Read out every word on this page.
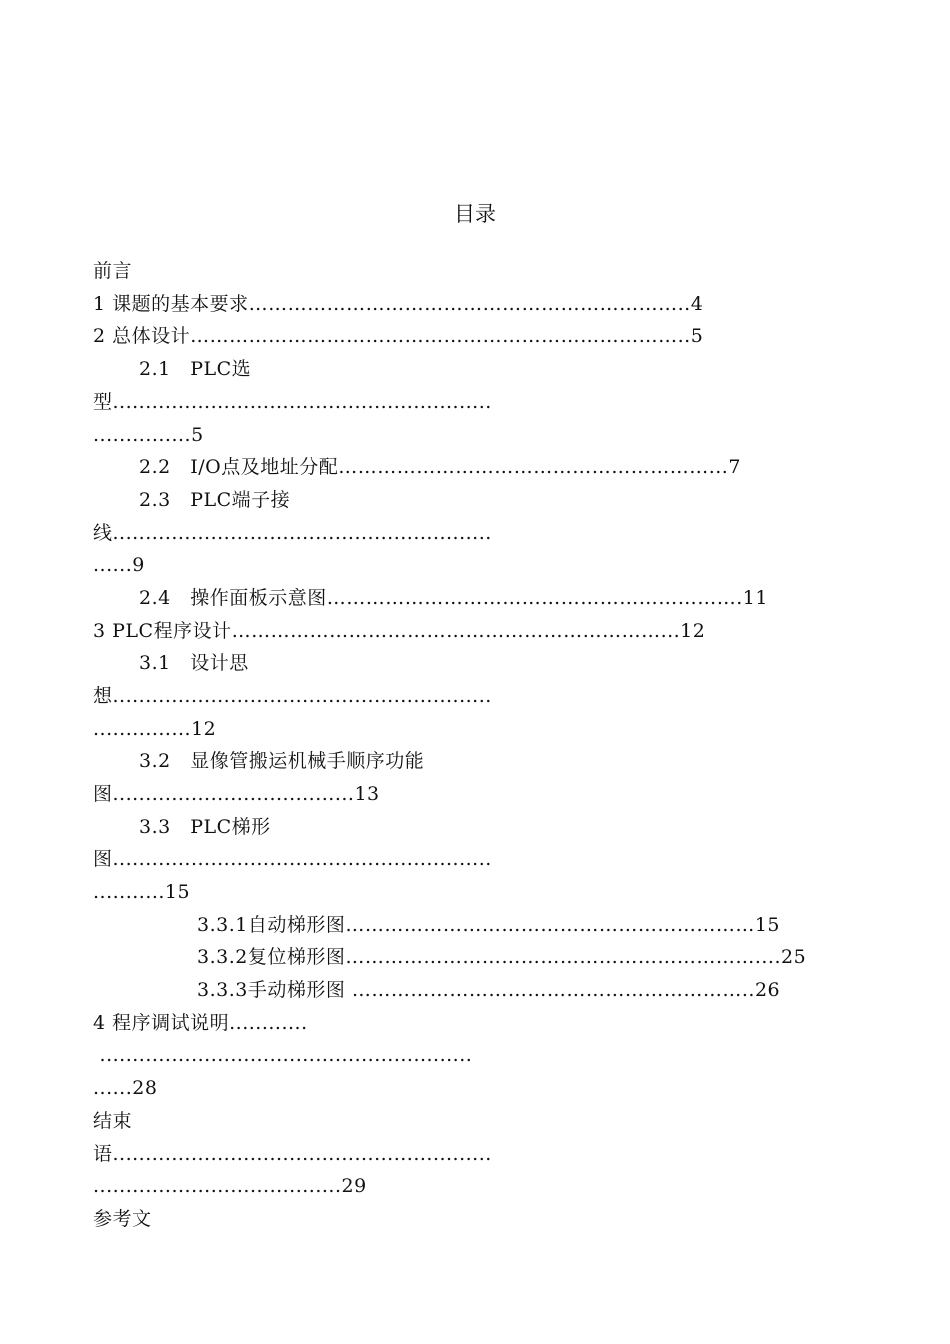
目录
前言
1 课题的基本要求…………………………………………………………..4
2 总体设计…………………………………………………………………..5
2.1　PLC选
型..........................................................
...............5
2.2　I/O点及地址分配…………………………………………………...7
2.3　PLC端子接
线..........................................................
......9
2.4　操作面板示意图……………………………………………………….11
3 PLC程序设计…………………………………………………………...12
3.1　设计思
想..........................................................
...............12
3.2　显像管搬运机械手顺序功能
图.....................................13
3.3　PLC梯形
图..........................................................
...........15
3.3.1自动梯形图………………………………………………………15
3.3.2复位梯形图………………………………………………………....25
3.3.3手动梯形图 ……………………………………………………..26
4 程序调试说明............
.........................................................
......28
结束
语..........................................................
......................................29
参考文
